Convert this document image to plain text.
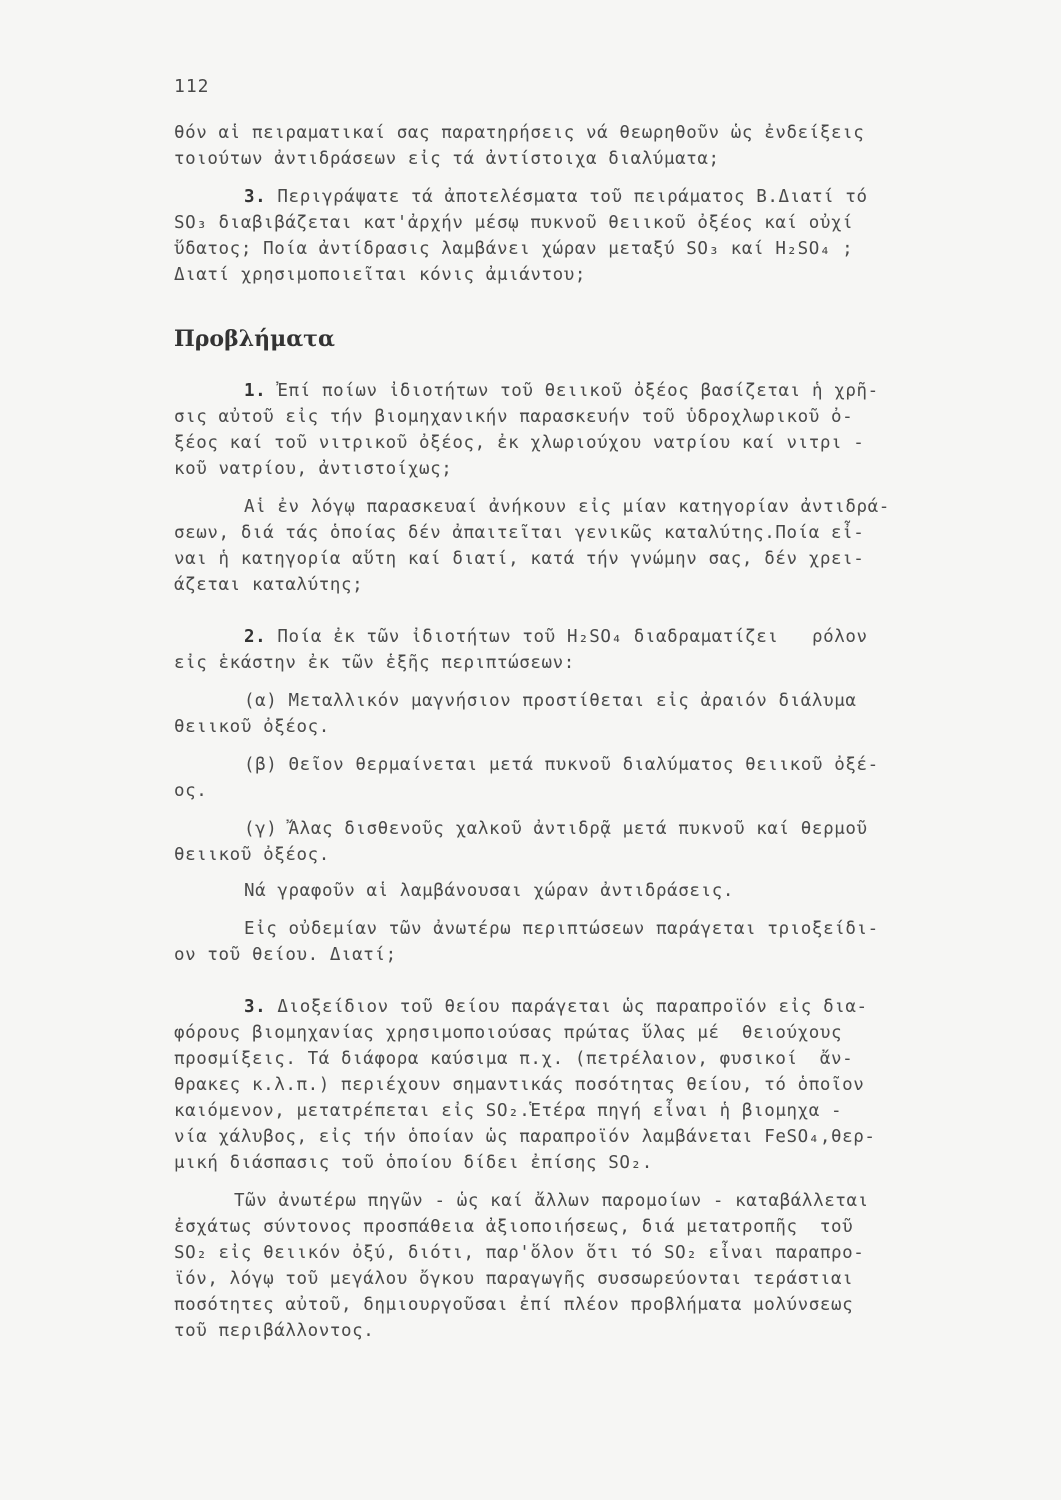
112
Προβλήματα
θόν αἱ πειραματικαί σας παρατηρήσεις νά θεωρηθοῦν ὡς ἐνδείξεις
τοιούτων ἀντιδράσεων εἰς τά ἀντίστοιχα διαλύματα;
3. Περιγράψατε τά ἀποτελέσματα τοῦ πειράματος Β.Διατί τό
SO₃ διαβιβάζεται κατ'ἀρχήν μέσῳ πυκνοῦ θειικοῦ ὀξέος καί οὐχί
ὕδατος; Ποία ἀντίδρασις λαμβάνει χώραν μεταξύ SO₃ καί H₂SO₄ ;
Διατί χρησιμοποιεῖται κόνις ἀμιάντου;
1. Ἐπί ποίων ἰδιοτήτων τοῦ θειικοῦ ὀξέος βασίζεται ἡ χρῆ-
σις αὐτοῦ εἰς τήν βιομηχανικήν παρασκευήν τοῦ ὑδροχλωρικοῦ ὀ-
ξέος καί τοῦ νιτρικοῦ ὀξέος, ἐκ χλωριούχου νατρίου καί νιτρι -
κοῦ νατρίου, ἀντιστοίχως;
Αἱ ἐν λόγῳ παρασκευαί ἀνήκουν εἰς μίαν κατηγορίαν ἀντιδρά-
σεων, διά τάς ὁποίας δέν ἀπαιτεῖται γενικῶς καταλύτης.Ποία εἶ-
ναι ἡ κατηγορία αὕτη καί διατί, κατά τήν γνώμην σας, δέν χρει-
άζεται καταλύτης;
2. Ποία ἐκ τῶν ἰδιοτήτων τοῦ H₂SO₄ διαδραματίζει   ρόλον
εἰς ἑκάστην ἐκ τῶν ἑξῆς περιπτώσεων:
(α) Μεταλλικόν μαγνήσιον προστίθεται εἰς ἀραιόν διάλυμα
θειικοῦ ὀξέος.
(β) Θεῖον θερμαίνεται μετά πυκνοῦ διαλύματος θειικοῦ ὀξέ-
ος.
(γ) Ἄλας δισθενοῦς χαλκοῦ ἀντιδρᾷ μετά πυκνοῦ καί θερμοῦ
θειικοῦ ὀξέος.
Νά γραφοῦν αἱ λαμβάνουσαι χώραν ἀντιδράσεις.
Εἰς οὐδεμίαν τῶν ἀνωτέρω περιπτώσεων παράγεται τριοξείδι-
ον τοῦ θείου. Διατί;
3. Διοξείδιον τοῦ θείου παράγεται ὡς παραπροϊόν εἰς δια-
φόρους βιομηχανίας χρησιμοποιούσας πρώτας ὕλας μέ  θειούχους
προσμίξεις. Τά διάφορα καύσιμα π.χ. (πετρέλαιον, φυσικοί  ἄν-
θρακες κ.λ.π.) περιέχουν σημαντικάς ποσότητας θείου, τό ὁποῖον
καιόμενον, μετατρέπεται εἰς SO₂.Ἑτέρα πηγή εἶναι ἡ βιομηχα -
νία χάλυβος, εἰς τήν ὁποίαν ὡς παραπροϊόν λαμβάνεται FeSO₄,θερ-
μική διάσπασις τοῦ ὁποίου δίδει ἐπίσης SO₂.
Τῶν ἀνωτέρω πηγῶν - ὡς καί ἄλλων παρομοίων - καταβάλλεται
ἐσχάτως σύντονος προσπάθεια ἀξιοποιήσεως, διά μετατροπῆς  τοῦ
SO₂ εἰς θειικόν ὀξύ, διότι, παρ'ὅλον ὅτι τό SO₂ εἶναι παραπρο-
ϊόν, λόγῳ τοῦ μεγάλου ὄγκου παραγωγῆς συσσωρεύονται τεράστιαι
ποσότητες αὐτοῦ, δημιουργοῦσαι ἐπί πλέον προβλήματα μολύνσεως
τοῦ περιβάλλοντος.
